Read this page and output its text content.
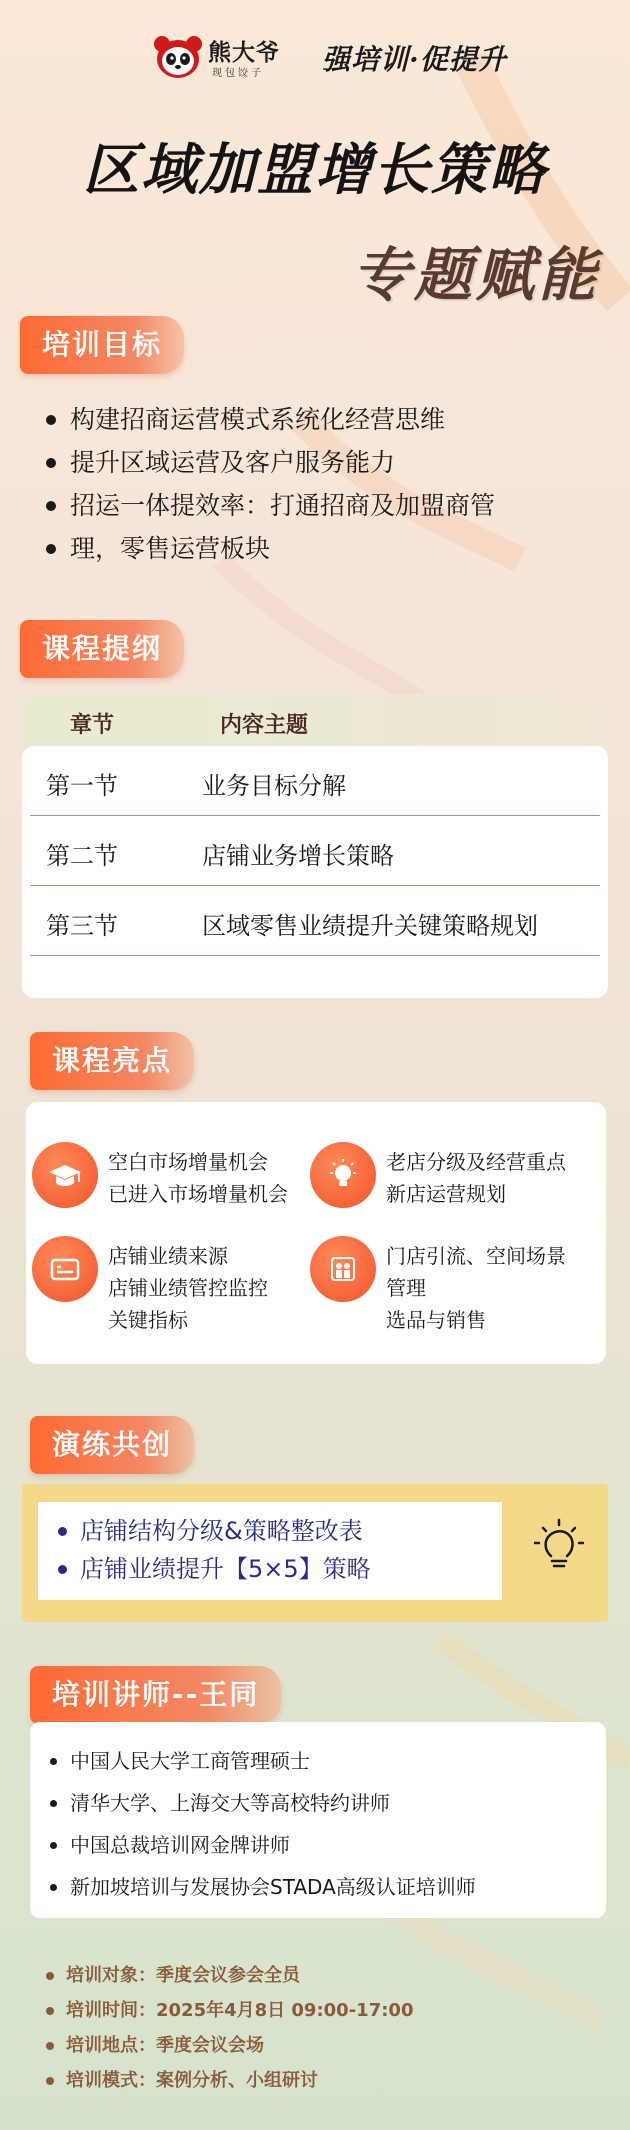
熊大爷
现包饺子 强培训·促提升
区域加盟增长策略
专题赋能
培训目标
构建招商运营模式系统化经营思维
提升区域运营及客户服务能力
招运一体提效率：打通招商及加盟商管
理，零售运营板块
课程提纲
章节	内容主题
第一节	业务目标分解
第二节	店铺业务增长策略
第三节	区域零售业绩提升关键策略规划
课程亮点
空白市场增量机会
已进入市场增量机会
老店分级及经营重点
新店运营规划
店铺业绩来源
店铺业绩管控监控
关键指标
门店引流、空间场景
管理
选品与销售
演练共创
店铺结构分级&策略整改表
店铺业绩提升【5×5】策略
培训讲师--王同
中国人民大学工商管理硕士
清华大学、上海交大等高校特约讲师
中国总裁培训网金牌讲师
新加坡培训与发展协会STADA高级认证培训师
培训对象：季度会议参会全员
培训时间：2025年4月8日 09:00-17:00
培训地点：季度会议会场
培训模式：案例分析、小组研讨
